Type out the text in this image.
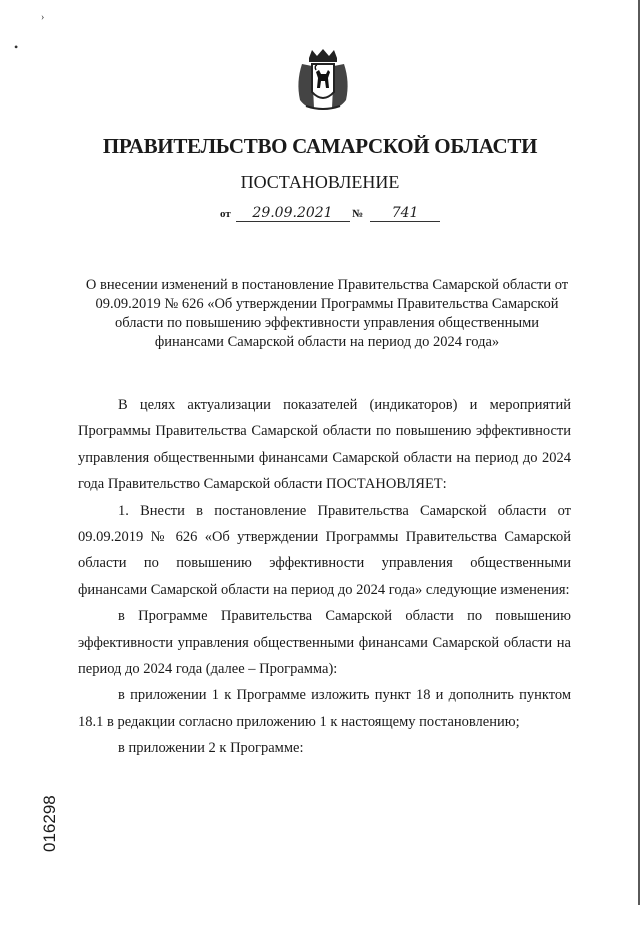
›
•
ПРАВИТЕЛЬСТВО САМАРСКОЙ ОБЛАСТИ
ПОСТАНОВЛЕНИЕ
от 29.09.2021 № 741
О внесении изменений в постановление Правительства Самарской области от 09.09.2019 № 626 «Об утверждении Программы Правительства Самарской области по повышению эффективности управления общественными финансами Самарской области на период до 2024 года»

В целях актуализации показателей (индикаторов) и мероприятий Программы Правительства Самарской области по повышению эффективности управления общественными финансами Самарской области на период до 2024 года Правительство Самарской области ПОСТАНОВЛЯЕТ:

1. Внести в постановление Правительства Самарской области от 09.09.2019 № 626 «Об утверждении Программы Правительства Самарской области по повышению эффективности управления общественными финансами Самарской области на период до 2024 года» следующие изменения:

в Программе Правительства Самарской области по повышению эффективности управления общественными финансами Самарской области на период до 2024 года (далее – Программа):

в приложении 1 к Программе изложить пункт 18 и дополнить пунктом 18.1 в редакции согласно приложению 1 к настоящему постановлению;

в приложении 2 к Программе:

016298
